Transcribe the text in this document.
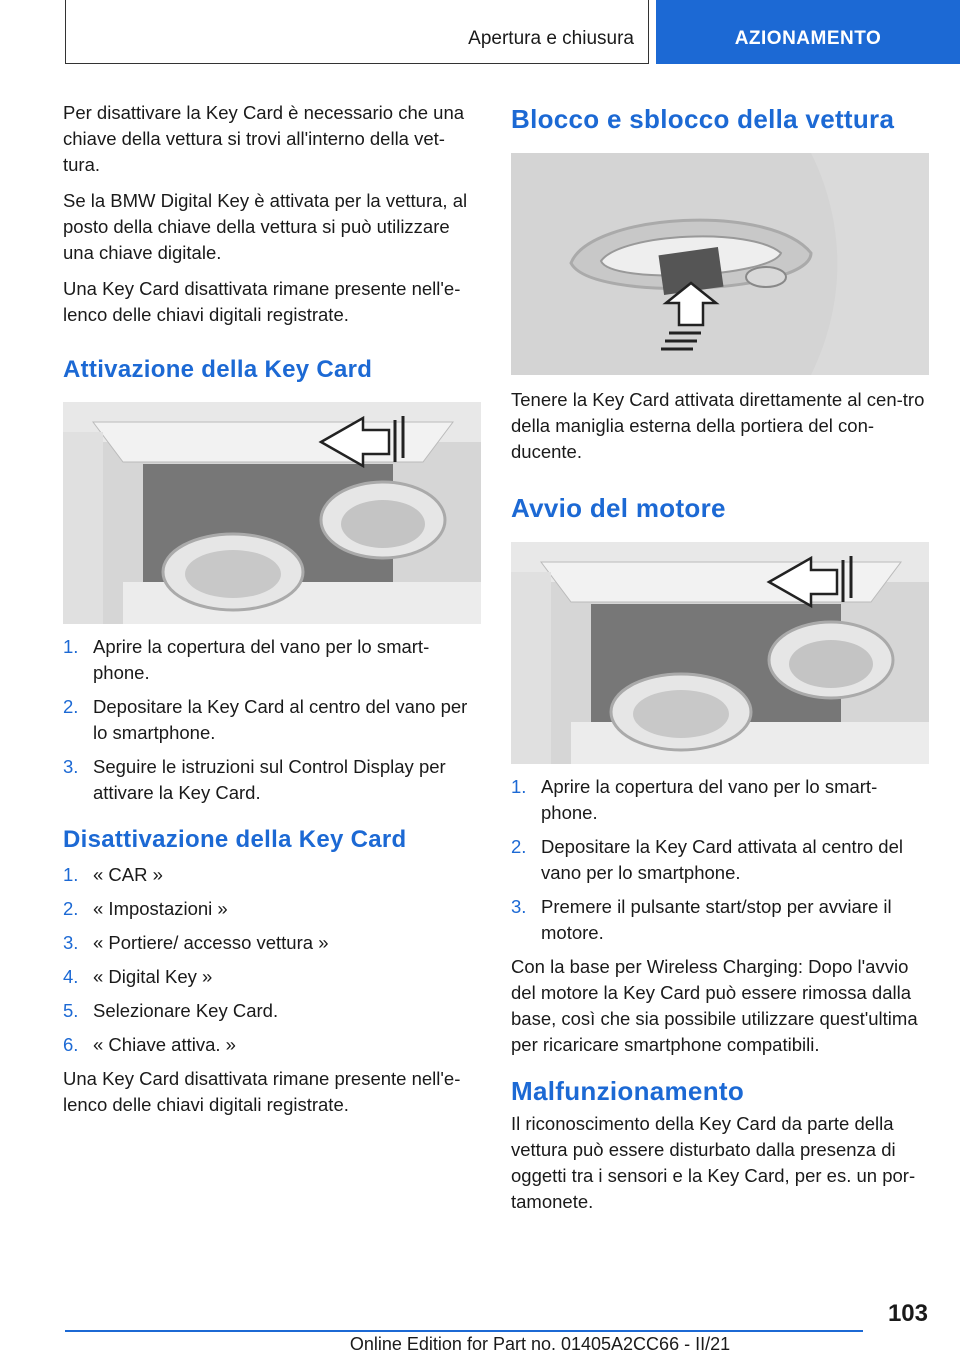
Apertura e chiusura	AZIONAMENTO

Per disattivare la Key Card è necessario che una chiave della vettura si trovi all'interno della vet-tura.

Se la BMW Digital Key è attivata per la vettura, al posto della chiave della vettura si può utilizzare una chiave digitale.

Una Key Card disattivata rimane presente nell'e-lenco delle chiavi digitali registrate.

Attivazione della Key Card
1. Aprire la copertura del vano per lo smart-phone.
2. Depositare la Key Card al centro del vano per lo smartphone.
3. Seguire le istruzioni sul Control Display per attivare la Key Card.
Disattivazione della Key Card
1. « CAR »
2. « Impostazioni »
3. « Portiere/ accesso vettura »
4. « Digital Key »
5. Selezionare Key Card.
6. « Chiave attiva. »

Una Key Card disattivata rimane presente nell'e-lenco delle chiavi digitali registrate.

Blocco e sblocco della vettura

Tenere la Key Card attivata direttamente al cen-tro della maniglia esterna della portiera del con-ducente.

Avvio del motore
1. Aprire la copertura del vano per lo smart-phone.
2. Depositare la Key Card attivata al centro del vano per lo smartphone.
3. Premere il pulsante start/stop per avviare il motore.

Con la base per Wireless Charging: Dopo l'avvio del motore la Key Card può essere rimossa dalla base, così che sia possibile utilizzare quest'ultima per ricaricare smartphone compatibili.

Malfunzionamento

Il riconoscimento della Key Card da parte della vettura può essere disturbato dalla presenza di oggetti tra i sensori e la Key Card, per es. un por-tamonete.

103
Online Edition for Part no. 01405A2CC66 - II/21
